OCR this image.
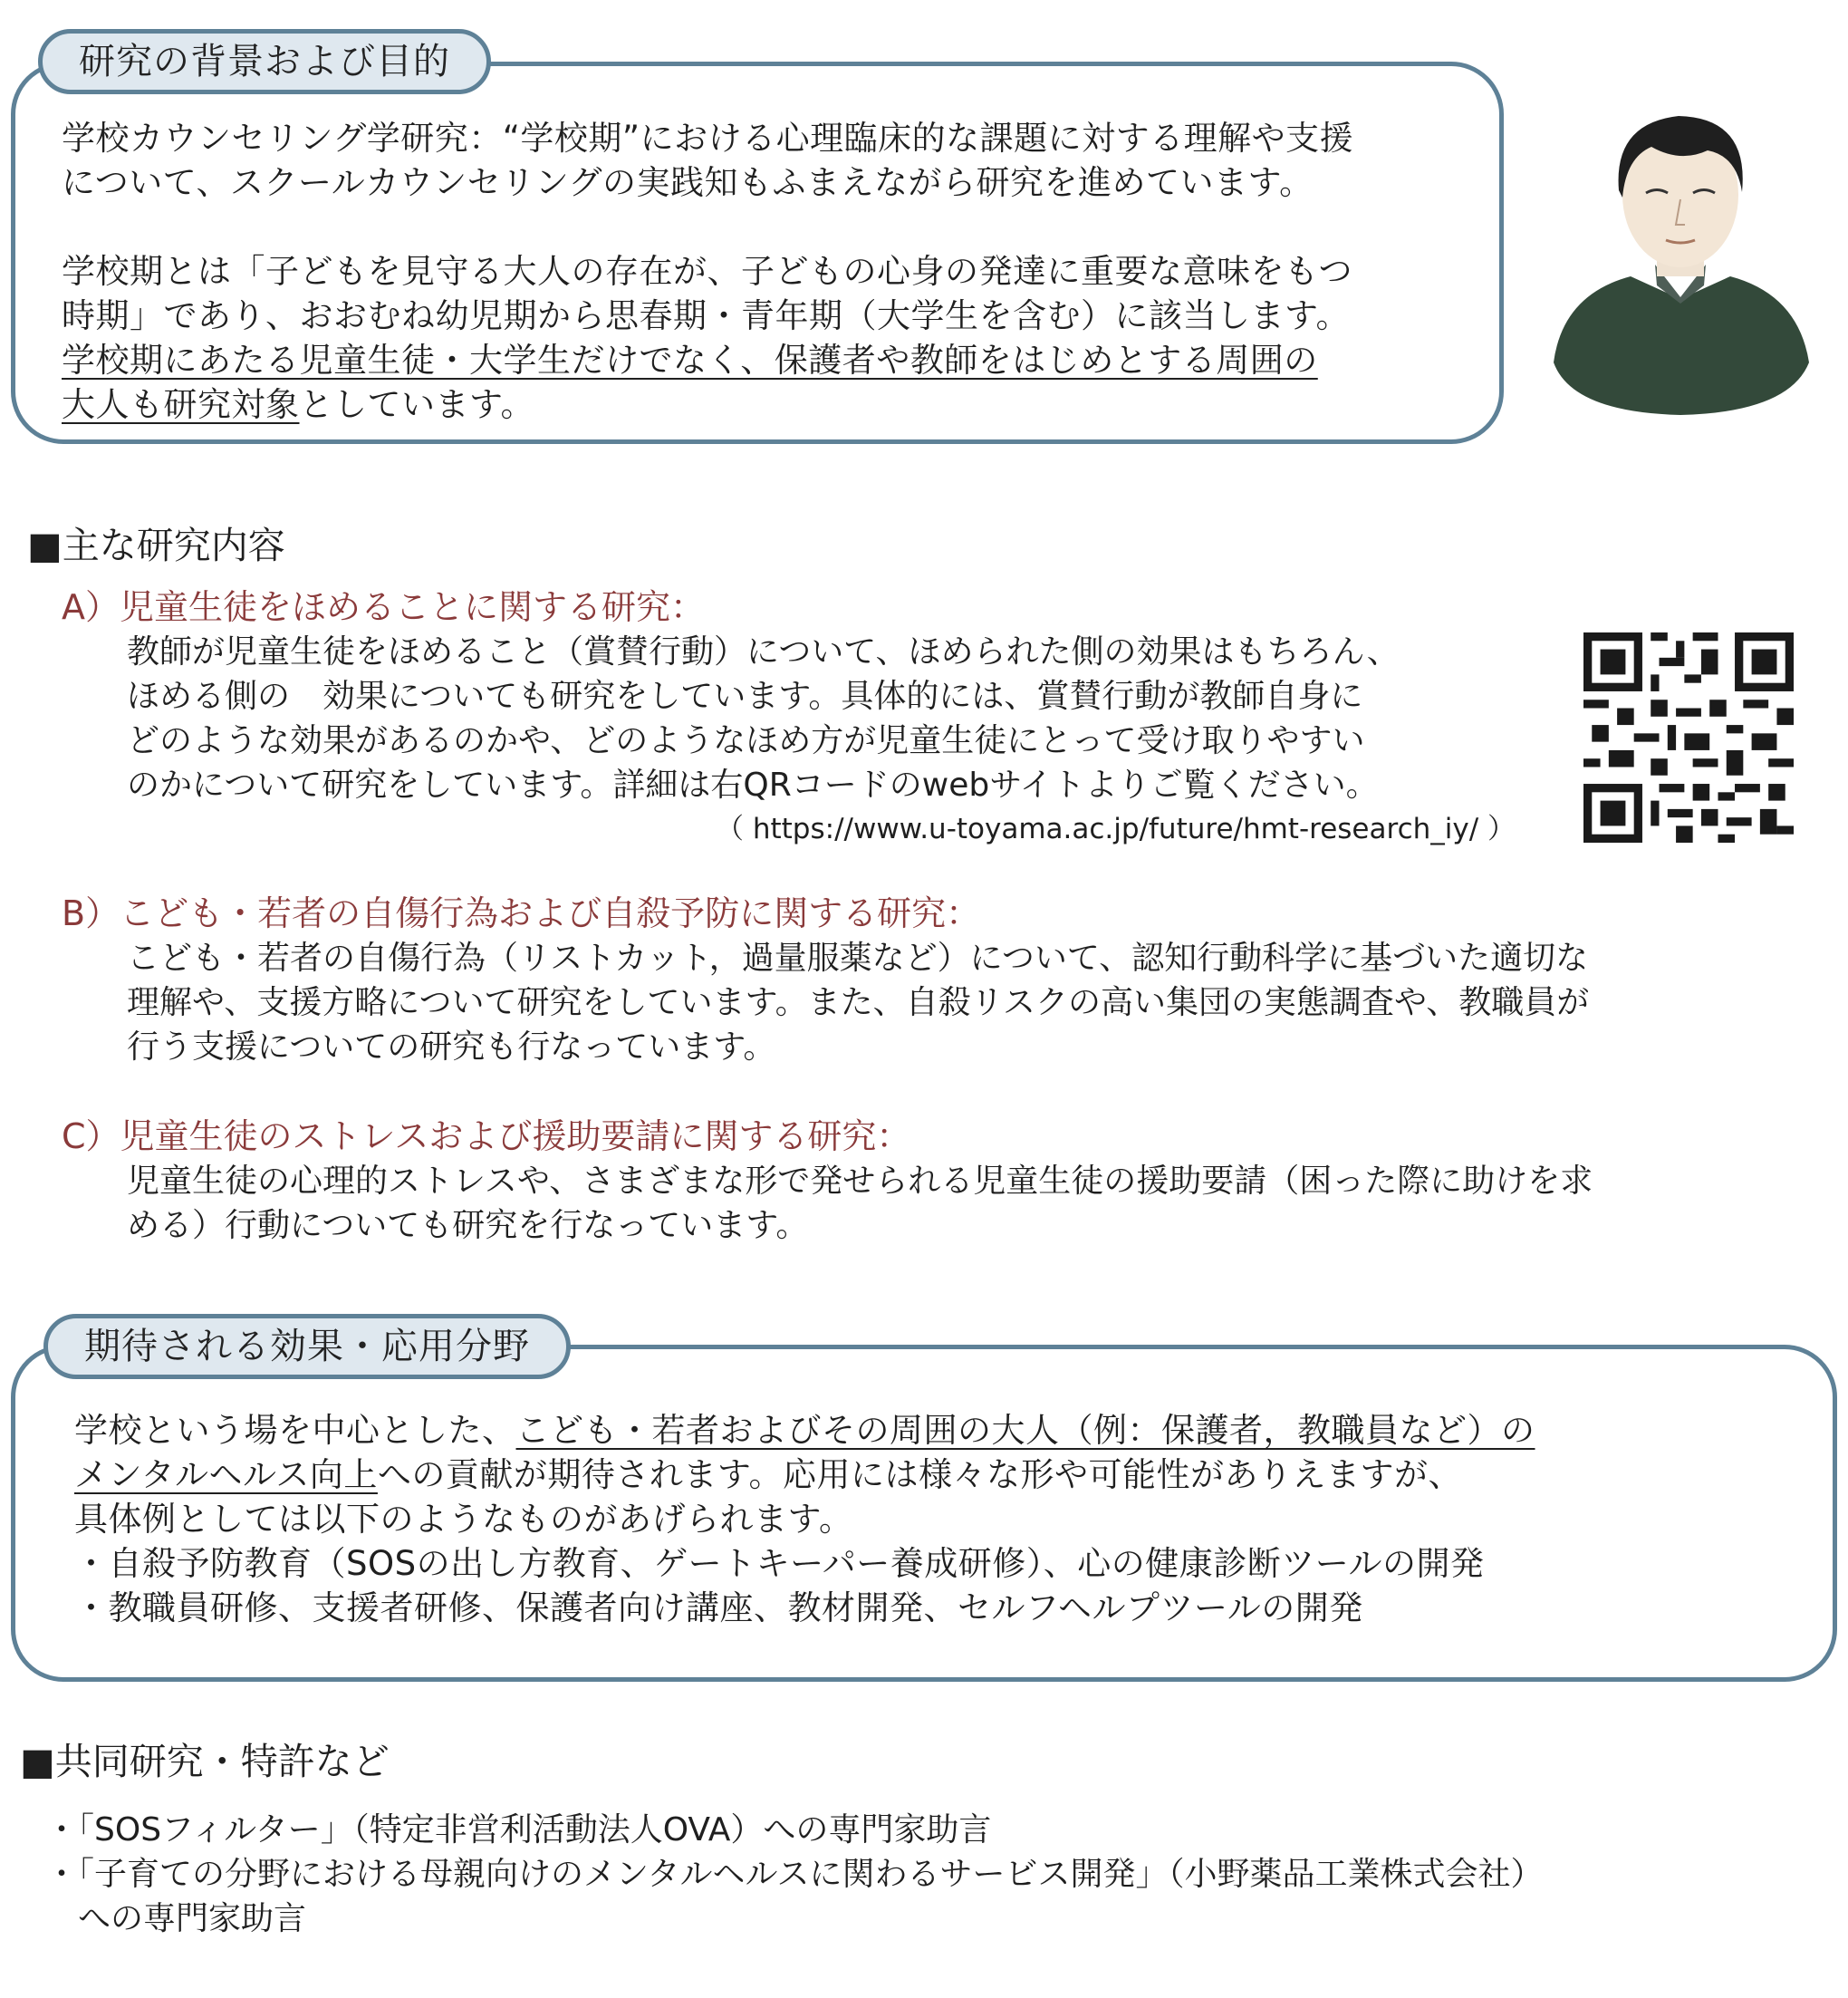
研究の背景および目的
学校カウンセリング学研究：“学校期”における心理臨床的な課題に対する理解や支援
について、スクールカウンセリングの実践知もふまえながら研究を進めています。
学校期とは「子どもを見守る大人の存在が、子どもの心身の発達に重要な意味をもつ
時期」であり、おおむね幼児期から思春期・青年期（大学生を含む）に該当します。
学校期にあたる児童生徒・大学生だけでなく、保護者や教師をはじめとする周囲の
大人も研究対象としています。
■主な研究内容
A）児童生徒をほめることに関する研究：
教師が児童生徒をほめること（賞賛行動）について、ほめられた側の効果はもちろん、
ほめる側の　効果についても研究をしています。具体的には、賞賛行動が教師自身に
どのような効果があるのかや、どのようなほめ方が児童生徒にとって受け取りやすい
のかについて研究をしています。詳細は右QRコードのwebサイトよりご覧ください。
（ https://www.u-toyama.ac.jp/future/hmt-research_iy/ ）
B）こども・若者の自傷行為および自殺予防に関する研究：
こども・若者の自傷行為（リストカット，過量服薬など）について、認知行動科学に基づいた適切な
理解や、支援方略について研究をしています。また、自殺リスクの高い集団の実態調査や、教職員が
行う支援についての研究も行なっています。
C）児童生徒のストレスおよび援助要請に関する研究：
児童生徒の心理的ストレスや、さまざまな形で発せられる児童生徒の援助要請（困った際に助けを求
める）行動についても研究を行なっています。
期待される効果・応用分野
学校という場を中心とした、こども・若者およびその周囲の大人（例：保護者，教職員など）の
メンタルヘルス向上への貢献が期待されます。応用には様々な形や可能性がありえますが、
具体例としては以下のようなものがあげられます。
・自殺予防教育（SOSの出し方教育、ゲートキーパー養成研修）、心の健康診断ツールの開発
・教職員研修、支援者研修、保護者向け講座、教材開発、セルフヘルプツールの開発
■共同研究・特許など
・「SOSフィルター」（特定非営利活動法人OVA）への専門家助言
・「子育ての分野における母親向けのメンタルヘルスに関わるサービス開発」（小野薬品工業株式会社）
への専門家助言
